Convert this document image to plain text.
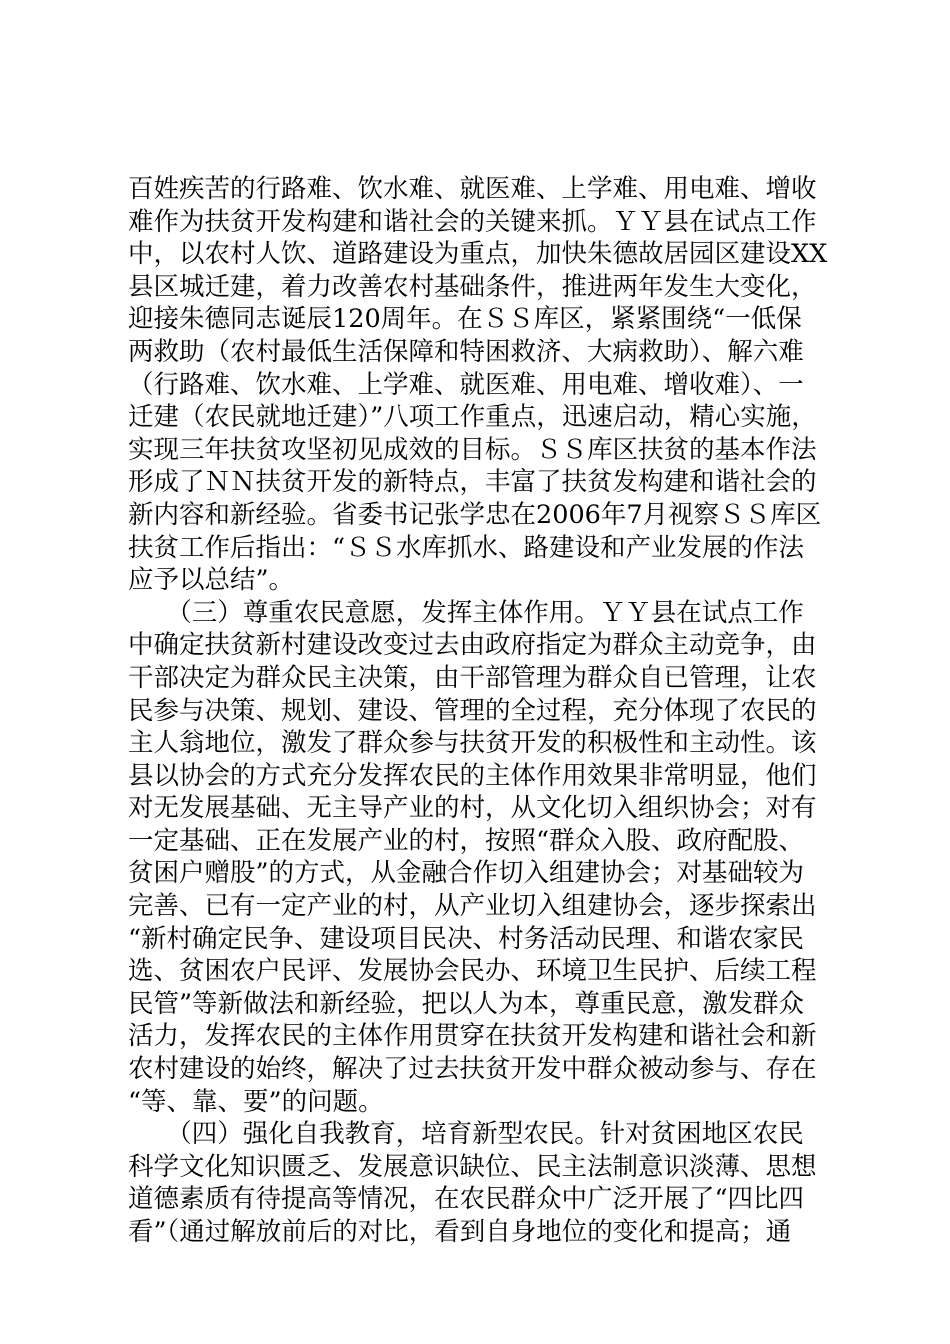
百姓疾苦的行路难、饮水难、就医难、上学难、用电难、增收
难作为扶贫开发构建和谐社会的关键来抓。ＹＹ县在试点工作
中，以农村人饮、道路建设为重点，加快朱德故居园区建设XX
县区城迁建，着力改善农村基础条件，推进两年发生大变化，
迎接朱德同志诞辰120周年。在ＳＳ库区，紧紧围绕“一低保
两救助（农村最低生活保障和特困救济、大病救助）、解六难
（行路难、饮水难、上学难、就医难、用电难、增收难）、一
迁建（农民就地迁建）”八项工作重点，迅速启动，精心实施，
实现三年扶贫攻坚初见成效的目标。ＳＳ库区扶贫的基本作法
形成了ＮＮ扶贫开发的新特点，丰富了扶贫发构建和谐社会的
新内容和新经验。省委书记张学忠在2006年7月视察ＳＳ库区
扶贫工作后指出：“ＳＳ水库抓水、路建设和产业发展的作法
应予以总结”。
　　（三）尊重农民意愿，发挥主体作用。ＹＹ县在试点工作
中确定扶贫新村建设改变过去由政府指定为群众主动竞争，由
干部决定为群众民主决策，由干部管理为群众自已管理，让农
民参与决策、规划、建设、管理的全过程，充分体现了农民的
主人翁地位，激发了群众参与扶贫开发的积极性和主动性。该
县以协会的方式充分发挥农民的主体作用效果非常明显，他们
对无发展基础、无主导产业的村，从文化切入组织协会；对有
一定基础、正在发展产业的村，按照“群众入股、政府配股、
贫困户赠股”的方式，从金融合作切入组建协会；对基础较为
完善、已有一定产业的村，从产业切入组建协会，逐步探索出
“新村确定民争、建设项目民决、村务活动民理、和谐农家民
选、贫困农户民评、发展协会民办、环境卫生民护、后续工程
民管”等新做法和新经验，把以人为本，尊重民意，激发群众
活力，发挥农民的主体作用贯穿在扶贫开发构建和谐社会和新
农村建设的始终，解决了过去扶贫开发中群众被动参与、存在
“等、靠、要”的问题。
　　（四）强化自我教育，培育新型农民。针对贫困地区农民
科学文化知识匮乏、发展意识缺位、民主法制意识淡薄、思想
道德素质有待提高等情况，在农民群众中广泛开展了“四比四
看”（通过解放前后的对比，看到自身地位的变化和提高；通
